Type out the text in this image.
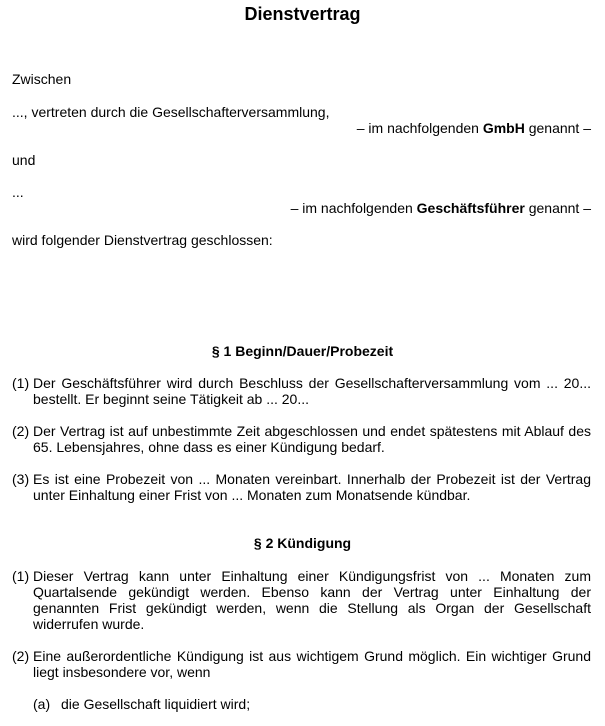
Dienstvertrag
Zwischen
..., vertreten durch die Gesellschafterversammlung,
– im nachfolgenden GmbH genannt –
und
...
– im nachfolgenden Geschäftsführer genannt –
wird folgender Dienstvertrag geschlossen:
§ 1 Beginn/Dauer/Probezeit
(1) Der Geschäftsführer wird durch Beschluss der Gesellschafterversammlung vom ... 20... bestellt. Er beginnt seine Tätigkeit ab ... 20...
(2) Der Vertrag ist auf unbestimmte Zeit abgeschlossen und endet spätestens mit Ablauf des 65. Lebensjahres, ohne dass es einer Kündigung bedarf.
(3) Es ist eine Probezeit von ... Monaten vereinbart. Innerhalb der Probezeit ist der Vertrag unter Einhaltung einer Frist von ... Monaten zum Monatsende kündbar.
§ 2 Kündigung
(1) Dieser Vertrag kann unter Einhaltung einer Kündigungsfrist von ... Monaten zum Quartalsende gekündigt werden. Ebenso kann der Vertrag unter Einhaltung der genannten Frist gekündigt werden, wenn die Stellung als Organ der Gesellschaft widerrufen wurde.
(2) Eine außerordentliche Kündigung ist aus wichtigem Grund möglich. Ein wichtiger Grund liegt insbesondere vor, wenn
(a) die Gesellschaft liquidiert wird;
